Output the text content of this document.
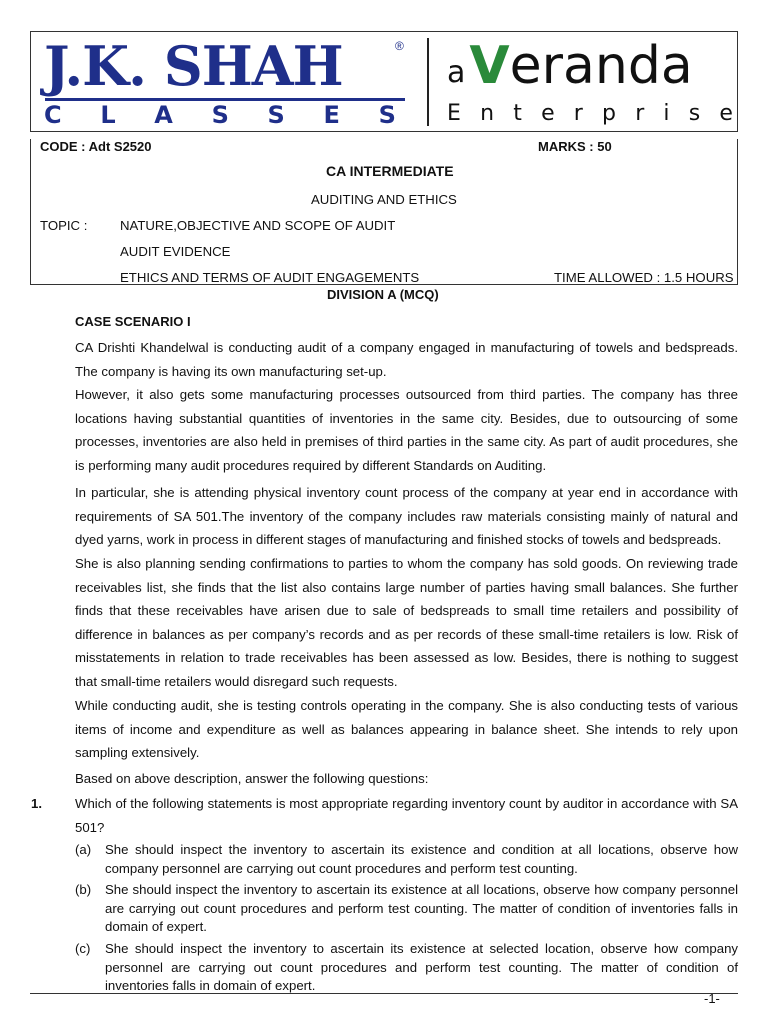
J.K. SHAH	®
C L A S S E S
a V eranda
E n t e r p r i s e
CODE : Adt S2520	MARKS : 50
CA INTERMEDIATE
AUDITING AND ETHICS
TOPIC : NATURE,OBJECTIVE AND SCOPE OF AUDIT
AUDIT EVIDENCE
ETHICS AND TERMS OF AUDIT ENGAGEMENTS	TIME ALLOWED : 1.5 HOURS
DIVISION A (MCQ)
CASE SCENARIO I
CA Drishti Khandelwal is conducting audit of a company engaged in manufacturing of towels and bedspreads. The company is having its own manufacturing set-up.
However, it also gets some manufacturing processes outsourced from third parties. The company has three locations having substantial quantities of inventories in the same city. Besides, due to outsourcing of some processes, inventories are also held in premises of third parties in the same city. As part of audit procedures, she is performing many audit procedures required by different Standards on Auditing.
In particular, she is attending physical inventory count process of the company at year end in accordance with requirements of SA 501.The inventory of the company includes raw materials consisting mainly of natural and dyed yarns, work in process in different stages of manufacturing and finished stocks of towels and bedspreads.
She is also planning sending confirmations to parties to whom the company has sold goods. On reviewing trade receivables list, she finds that the list also contains large number of parties having small balances. She further finds that these receivables have arisen due to sale of bedspreads to small time retailers and possibility of difference in balances as per company’s records and as per records of these small-time retailers is low. Risk of misstatements in relation to trade receivables has been assessed as low. Besides, there is nothing to suggest that small-time retailers would disregard such requests.
While conducting audit, she is testing controls operating in the company. She is also conducting tests of various items of income and expenditure as well as balances appearing in balance sheet. She intends to rely upon sampling extensively.
Based on above description, answer the following questions:
1.	Which of the following statements is most appropriate regarding inventory count by auditor in accordance with SA 501?
(a) She should inspect the inventory to ascertain its existence and condition at all locations, observe how company personnel are carrying out count procedures and perform test counting.
(b) She should inspect the inventory to ascertain its existence at all locations, observe how company personnel are carrying out count procedures and perform test counting. The matter of condition of inventories falls in domain of expert.
(c) She should inspect the inventory to ascertain its existence at selected location, observe how company personnel are carrying out count procedures and perform test counting. The matter of condition of inventories falls in domain of expert.
-1-
